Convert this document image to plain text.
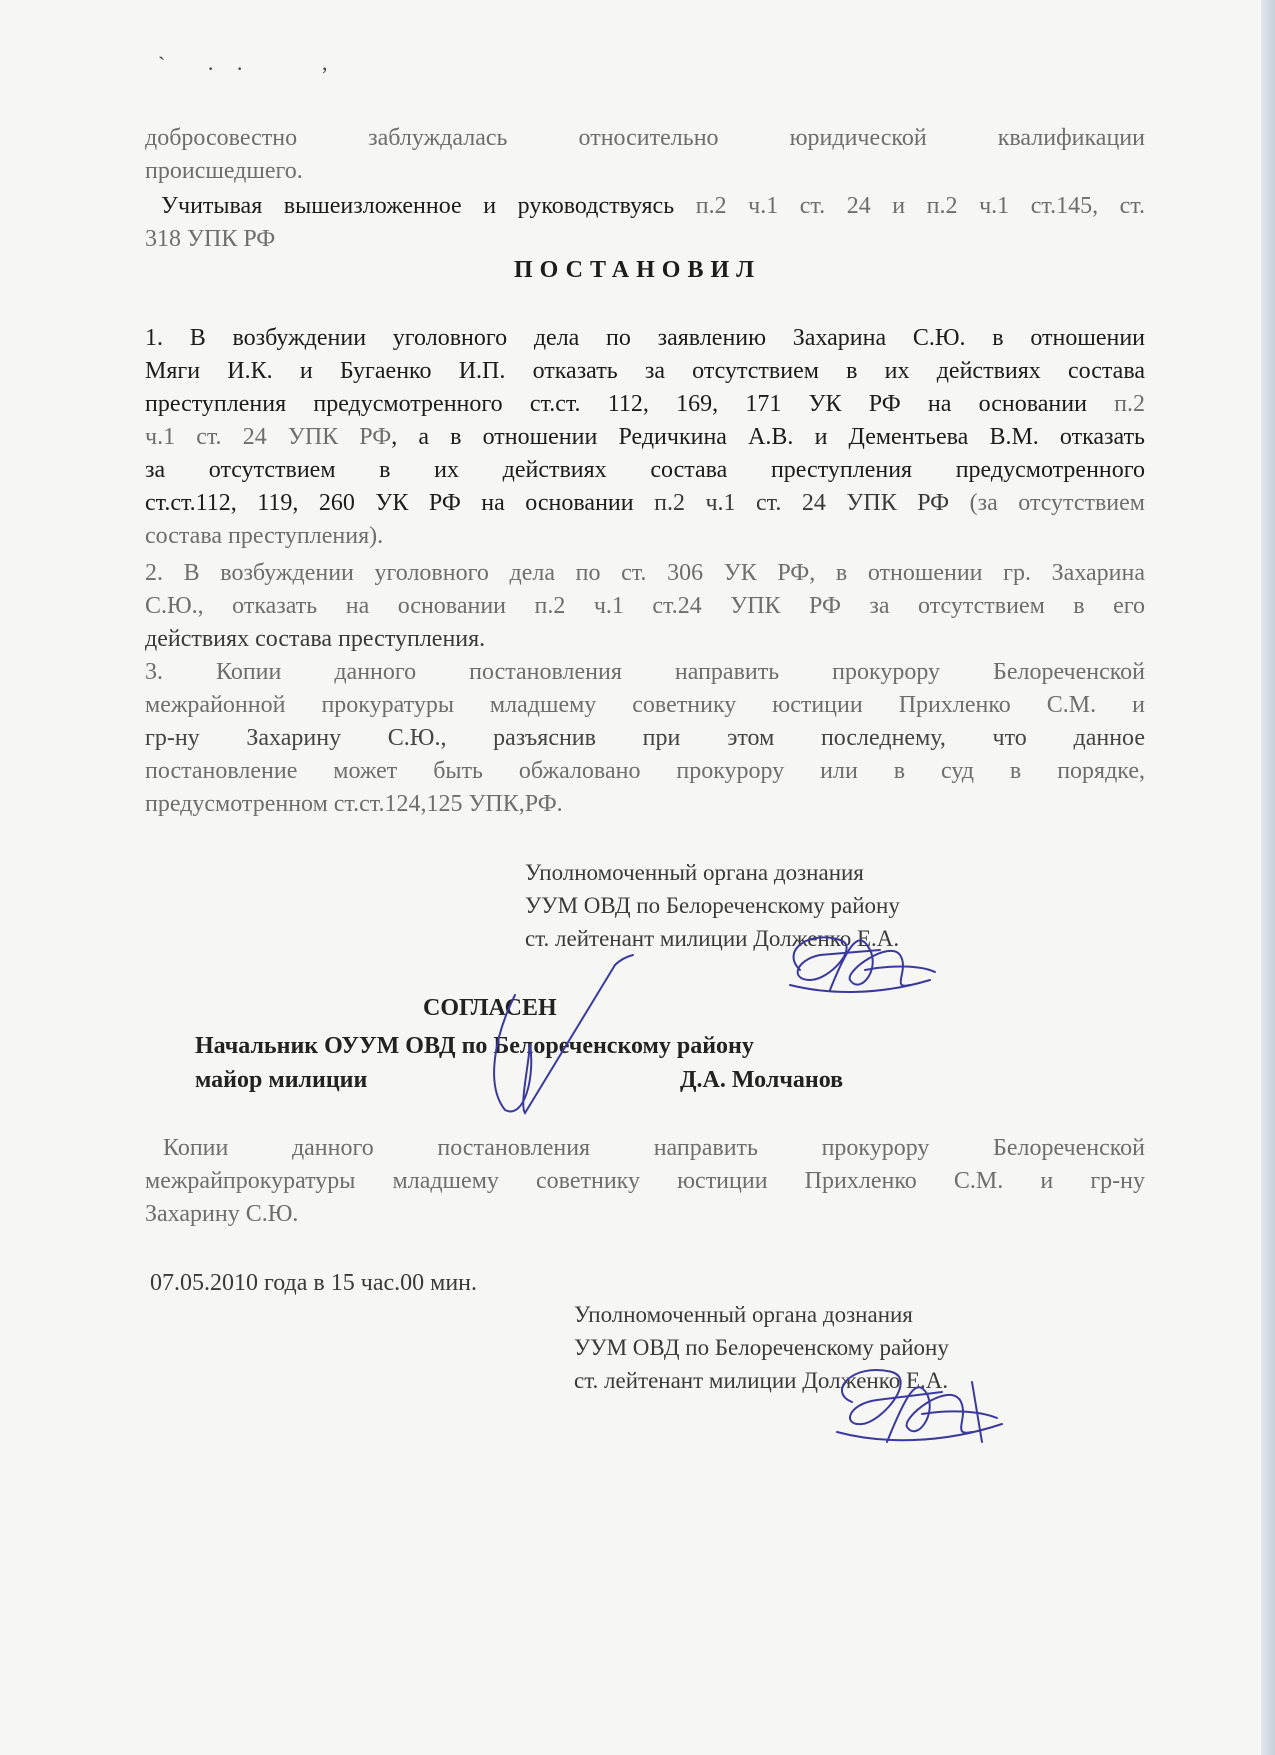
` · ·	,

добросовестно заблуждалась относительно юридической квалификации

происшедшего.

Учитывая вышеизложенное и руководствуясь п.2 ч.1 ст. 24 и п.2 ч.1 ст.145, ст.

318 УПК РФ

ПОСТАНОВИЛ

1. В возбуждении уголовного дела по заявлению Захарина С.Ю. в отношении

Мяги И.К. и Бугаенко И.П. отказать за отсутствием в их действиях состава

преступления предусмотренного ст.ст. 112, 169, 171 УК РФ на основании п.2

ч.1 ст. 24 УПК РФ, а в отношении Редичкина А.В. и Дементьева В.М. отказать

за отсутствием в их действиях состава преступления предусмотренного

ст.ст.112, 119, 260 УК РФ на основании п.2 ч.1 ст. 24 УПК РФ (за отсутствием

состава преступления).

2. В возбуждении уголовного дела по ст. 306 УК РФ, в отношении гр. Захарина

С.Ю., отказать на основании п.2 ч.1 ст.24 УПК РФ за отсутствием в его

действиях состава преступления.

3. Копии данного постановления направить прокурору Белореченской

межрайонной прокуратуры младшему советнику юстиции Прихленко С.М. и

гр-ну Захарину С.Ю., разъяснив при этом последнему, что данное

постановление может быть обжаловано прокурору или в суд в порядке,

предусмотренном ст.ст.124,125 УПК,РФ.

Уполномоченный органа дознания
УУМ ОВД по Белореченскому району
ст. лейтенант милиции Долженко Е.А.
СОГЛАСЕН
Начальник ОУУМ ОВД по Белореченскому району
майор милиции	Д.А. Молчанов

Копии данного постановления направить прокурору Белореченской

межрайпрокуратуры младшему советнику юстиции Прихленко С.М. и гр-ну

Захарину С.Ю.

07.05.2010 года в 15 час.00 мин.
Уполномоченный органа дознания
УУМ ОВД по Белореченскому району
ст. лейтенант милиции Долженко Е.А.
